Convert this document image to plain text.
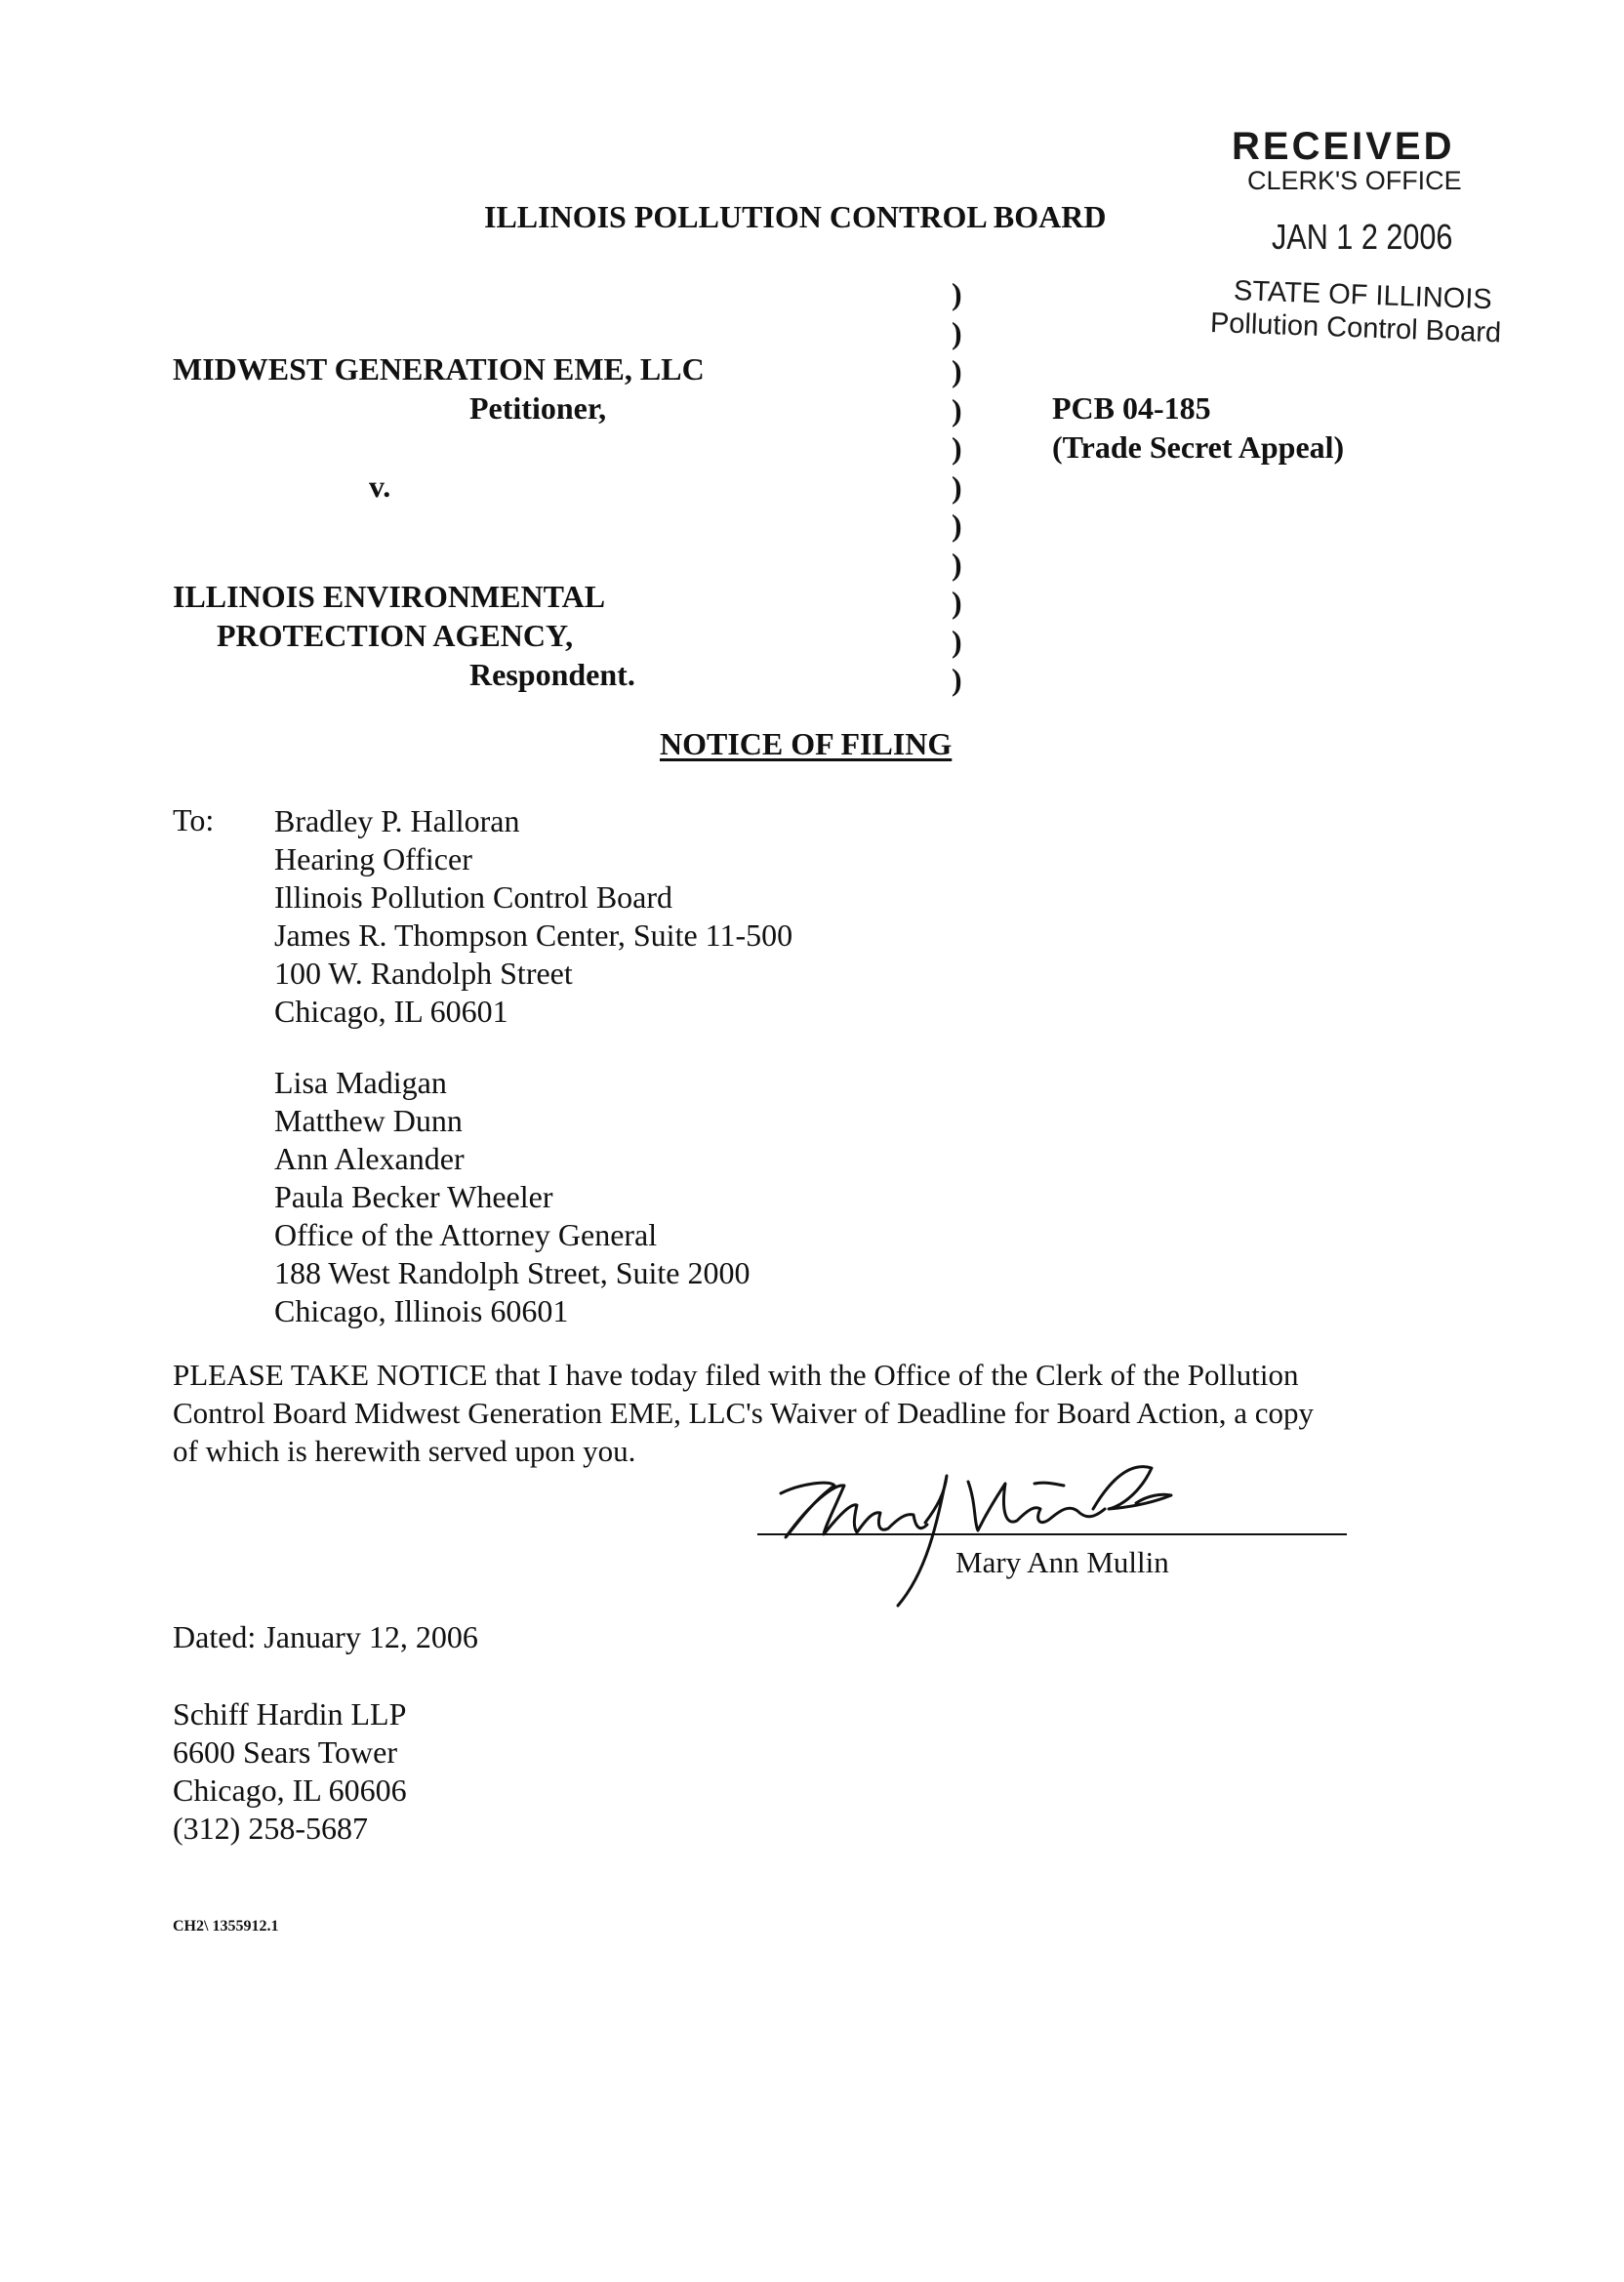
RECEIVED
CLERK'S OFFICE
JAN 1 2 2006
STATE OF ILLINOIS
Pollution Control Board
ILLINOIS POLLUTION CONTROL BOARD
MIDWEST GENERATION EME, LLC
Petitioner,
v.
ILLINOIS ENVIRONMENTAL
PROTECTION AGENCY,
Respondent.
)
)
)
)
)
)
)
)
)
)
)
PCB 04-185
(Trade Secret Appeal)
NOTICE OF FILING
To: Bradley P. Halloran
Hearing Officer
Illinois Pollution Control Board
James R. Thompson Center, Suite 11-500
100 W. Randolph Street
Chicago, IL 60601
Lisa Madigan
Matthew Dunn
Ann Alexander
Paula Becker Wheeler
Office of the Attorney General
188 West Randolph Street, Suite 2000
Chicago, Illinois 60601
PLEASE TAKE NOTICE that I have today filed with the Office of the Clerk of the Pollution
Control Board Midwest Generation EME, LLC's Waiver of Deadline for Board Action, a copy
of which is herewith served upon you.
Mary Ann Mullin
Dated: January 12, 2006
Schiff Hardin LLP
6600 Sears Tower
Chicago, IL 60606
(312) 258-5687
CH2\ 1355912.1
